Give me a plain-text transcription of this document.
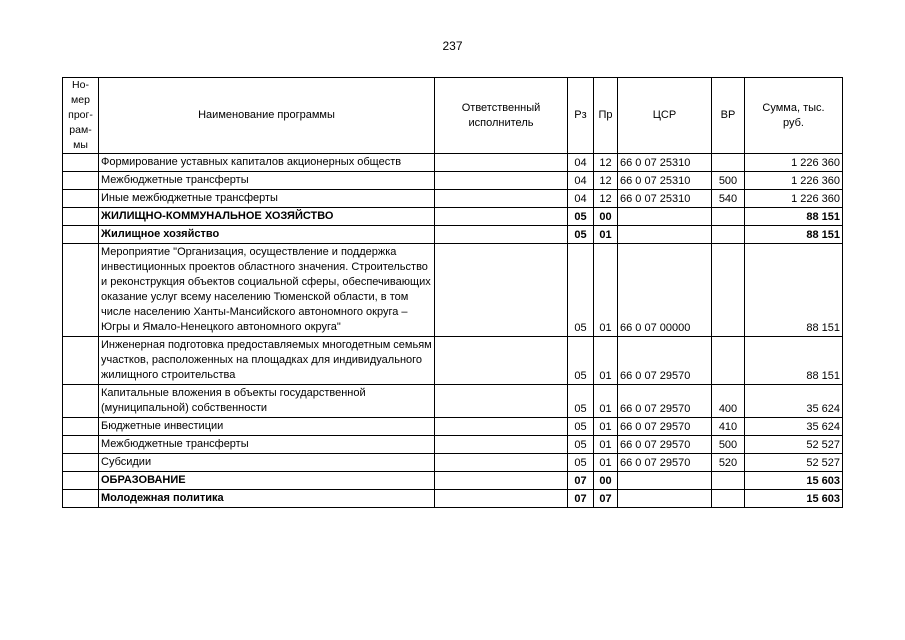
237
Но-
мер
прог-
рам-
мы	Наименование программы	Ответственный исполнитель	Рз	Пр	ЦСР	ВР	Сумма, тыс. руб.
	Формирование уставных капиталов акционерных обществ		04	12	66 0 07 25310		1 226 360
	Межбюджетные трансферты		04	12	66 0 07 25310	500	1 226 360
	Иные межбюджетные трансферты		04	12	66 0 07 25310	540	1 226 360
	ЖИЛИЩНО-КОММУНАЛЬНОЕ ХОЗЯЙСТВО		05	00			88 151
	Жилищное хозяйство		05	01			88 151
	Мероприятие "Организация, осуществление и поддержка инвестиционных проектов областного значения. Строительство и реконструкция объектов социальной сферы, обеспечивающих оказание услуг всему населению Тюменской области, в том числе населению Ханты-Мансийского автономного округа – Югры и Ямало-Ненецкого автономного округа"		05	01	66 0 07 00000		88 151
	Инженерная подготовка предоставляемых многодетным семьям участков, расположенных на площадках для индивидуального жилищного строительства		05	01	66 0 07 29570		88 151
	Капитальные вложения в объекты государственной (муниципальной) собственности		05	01	66 0 07 29570	400	35 624
	Бюджетные инвестиции		05	01	66 0 07 29570	410	35 624
	Межбюджетные трансферты		05	01	66 0 07 29570	500	52 527
	Субсидии		05	01	66 0 07 29570	520	52 527
	ОБРАЗОВАНИЕ		07	00			15 603
	Молодежная политика		07	07			15 603
